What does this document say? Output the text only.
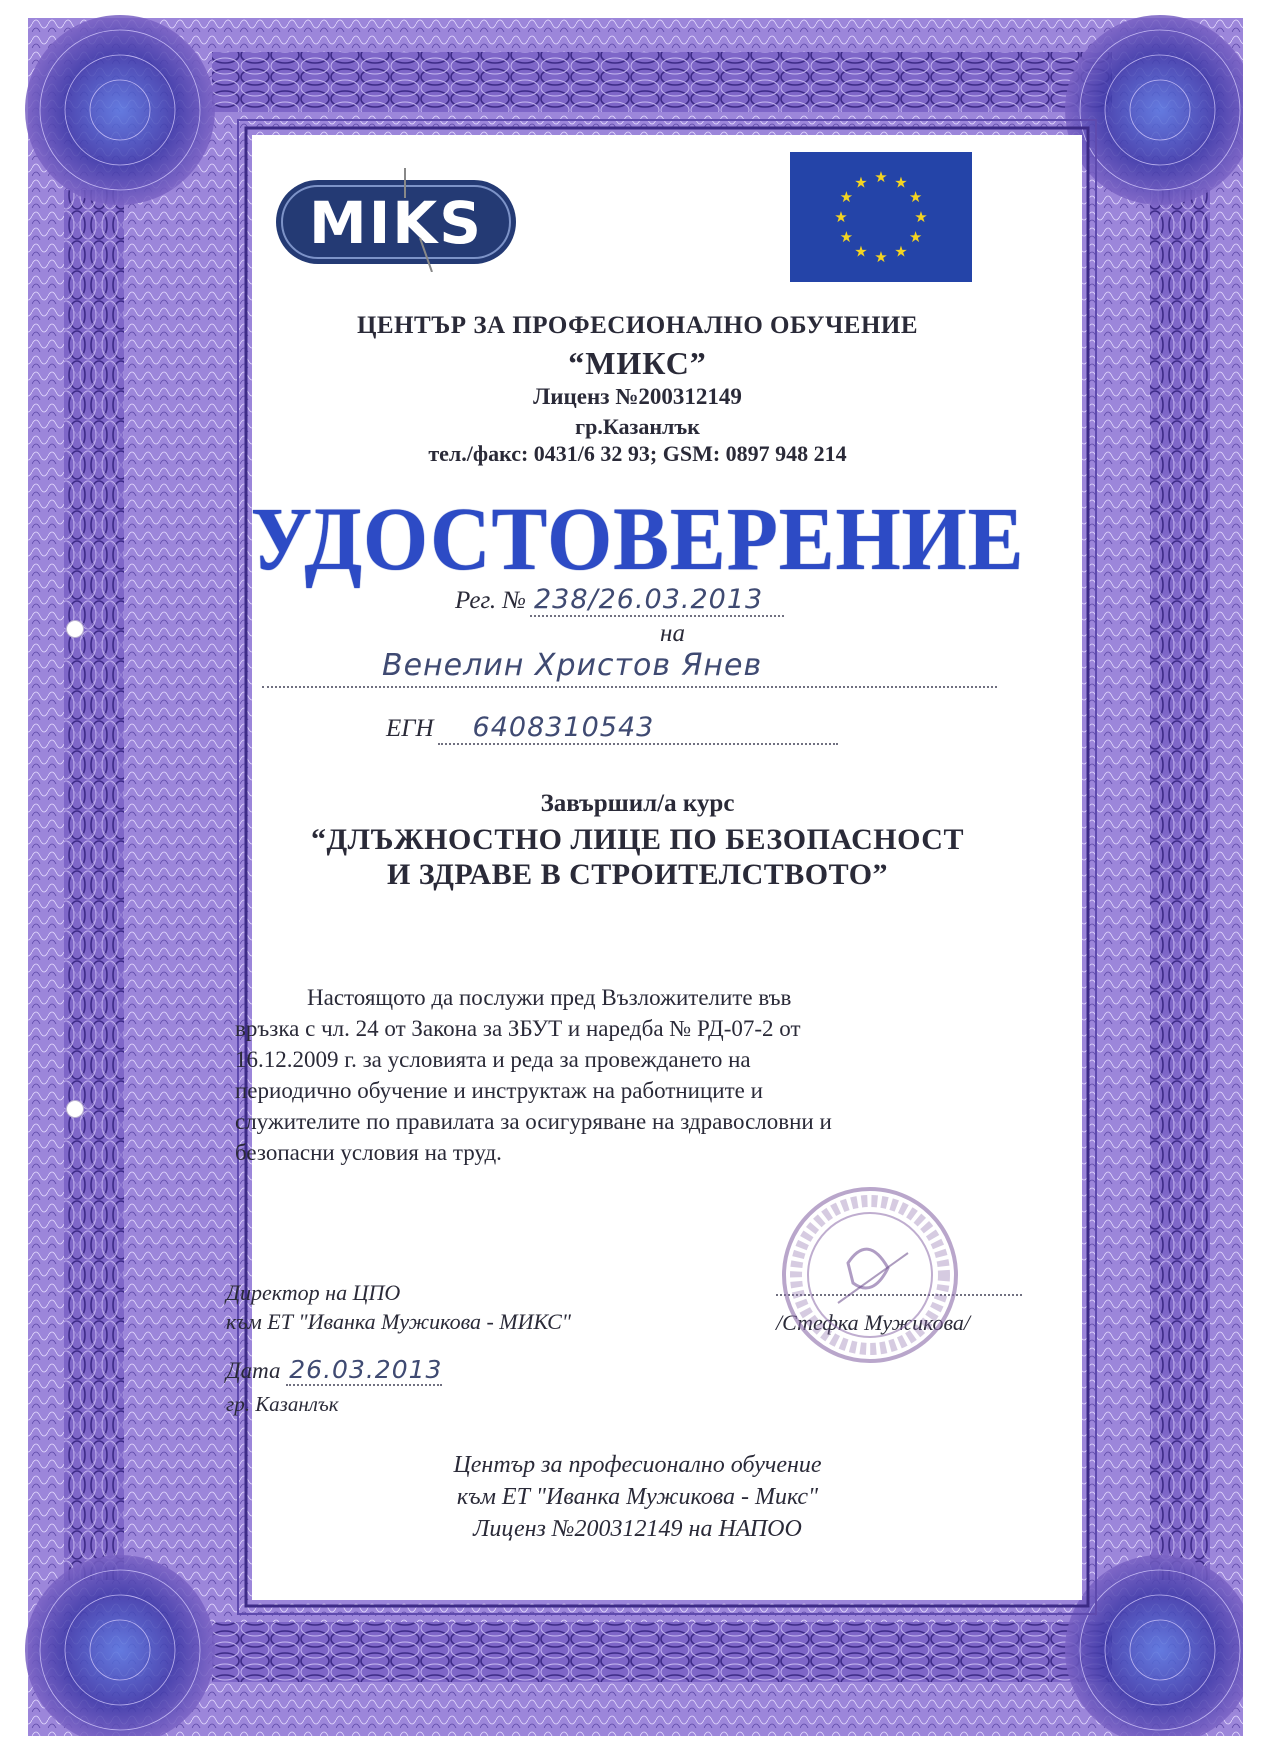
MIKS
★ ★
★
★
★
★
★
★
★
★
★
★
ЦЕНТЪР ЗА ПРОФЕСИОНАЛНО ОБУЧЕНИЕ
“МИКС”
Лиценз №200312149
гр.Казанлък
тел./факс: 0431/6 32 93; GSM: 0897 948 214
УДОСТОВЕРЕНИЕ
Рег. № 238/26.03.2013
на
Венелин Христов Янев
ЕГН 6408310543
Завършил/а курс
“ДЛЪЖНОСТНО ЛИЦЕ ПО БЕЗОПАСНОСТ
И ЗДРАВЕ В СТРОИТЕЛСТВОТО”
Настоящото да послужи пред Възложителите във
връзка с чл. 24 от Закона за ЗБУТ и наредба № РД-07-2 от
16.12.2009 г. за условията и реда за провеждането на
периодично обучение и инструктаж на работниците и
служителите по правилата за осигуряване на здравословни и
безопасни условия на труд.
Директор на ЦПО
към ЕТ "Иванка Мужикова - МИКС"	/Стефка Мужикова/
Дата 26.03.2013
гр. Казанлък
Център за професионално обучение
към ЕТ "Иванка Мужикова - Микс"
Лиценз №200312149 на НАПОО
